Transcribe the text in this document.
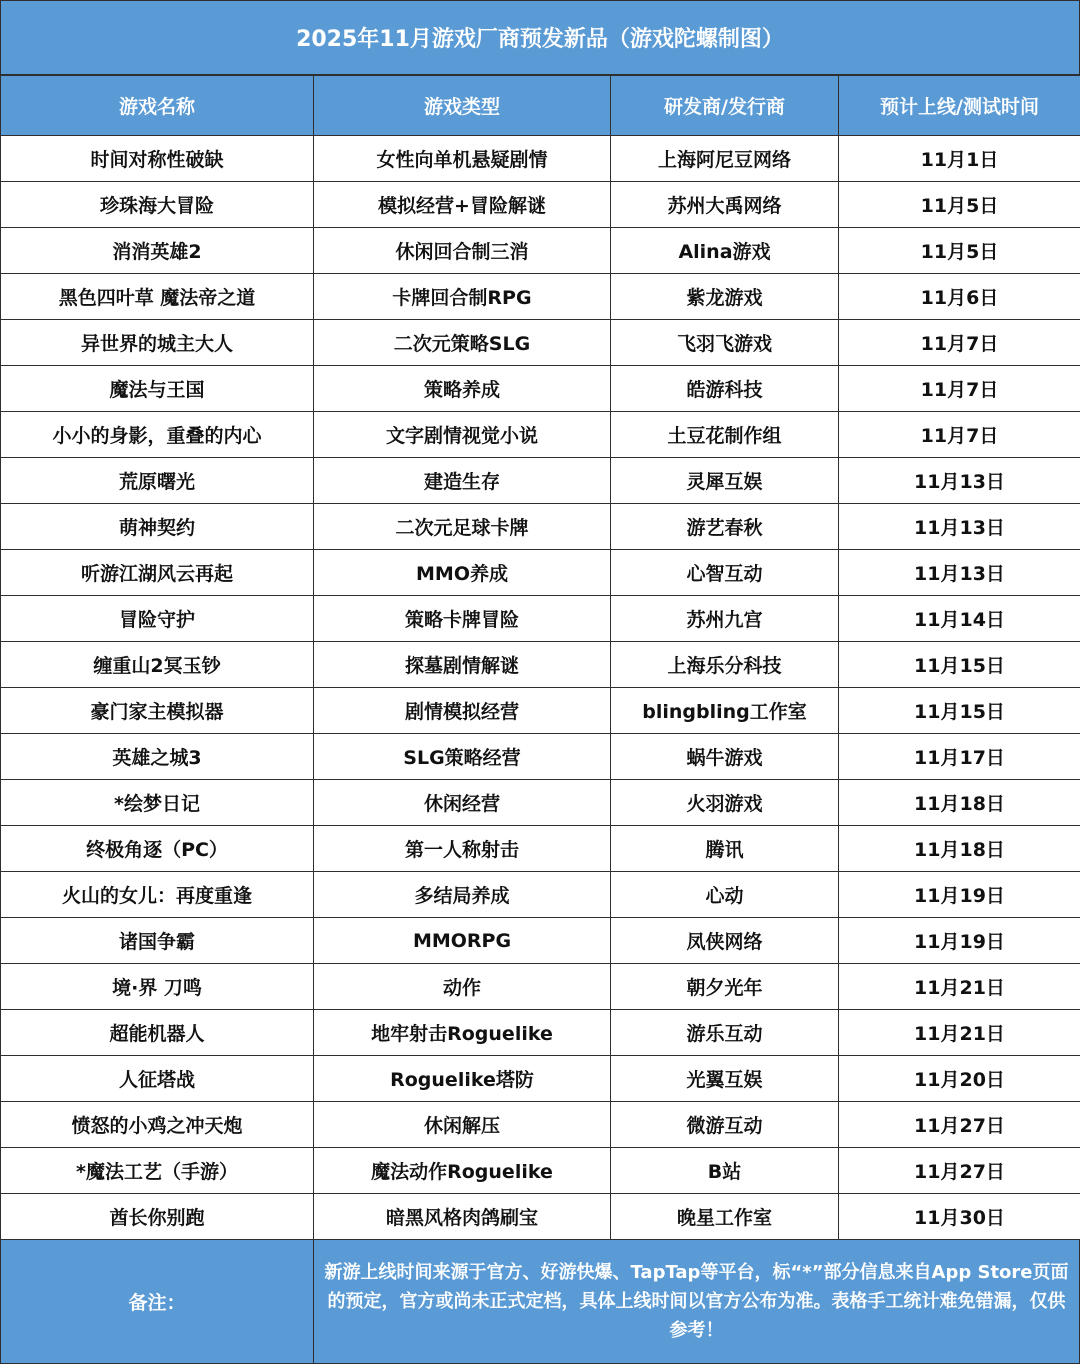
2025年11月游戏厂商预发新品（游戏陀螺制图）
游戏名称	游戏类型	研发商/发行商	预计上线/测试时间
时间对称性破缺	女性向单机悬疑剧情	上海阿尼豆网络	11月1日
珍珠海大冒险	模拟经营+冒险解谜	苏州大禹网络	11月5日
消消英雄2	休闲回合制三消	Alina游戏	11月5日
黑色四叶草 魔法帝之道	卡牌回合制RPG	紫龙游戏	11月6日
异世界的城主大人	二次元策略SLG	飞羽飞游戏	11月7日
魔法与王国	策略养成	皓游科技	11月7日
小小的身影，重叠的内心	文字剧情视觉小说	土豆花制作组	11月7日
荒原曙光	建造生存	灵犀互娱	11月13日
萌神契约	二次元足球卡牌	游艺春秋	11月13日
听游江湖风云再起	MMO养成	心智互动	11月13日
冒险守护	策略卡牌冒险	苏州九宫	11月14日
缠重山2冥玉钞	探墓剧情解谜	上海乐分科技	11月15日
豪门家主模拟器	剧情模拟经营	blingbling工作室	11月15日
英雄之城3	SLG策略经营	蜗牛游戏	11月17日
*绘梦日记	休闲经营	火羽游戏	11月18日
终极角逐（PC）	第一人称射击	腾讯	11月18日
火山的女儿：再度重逢	多结局养成	心动	11月19日
诸国争霸	MMORPG	凤侠网络	11月19日
境·界 刀鸣	动作	朝夕光年	11月21日
超能机器人	地牢射击Roguelike	游乐互动	11月21日
人征塔战	Roguelike塔防	光翼互娱	11月20日
愤怒的小鸡之冲天炮	休闲解压	微游互动	11月27日
*魔法工艺（手游）	魔法动作Roguelike	B站	11月27日
酋长你别跑	暗黑风格肉鸽刷宝	晚星工作室	11月30日
备注：
新游上线时间来源于官方、好游快爆、TapTap等平台，标“*”部分信息来自App Store页面的预定，官方或尚未正式定档，具体上线时间以官方公布为准。表格手工统计难免错漏，仅供参考！
